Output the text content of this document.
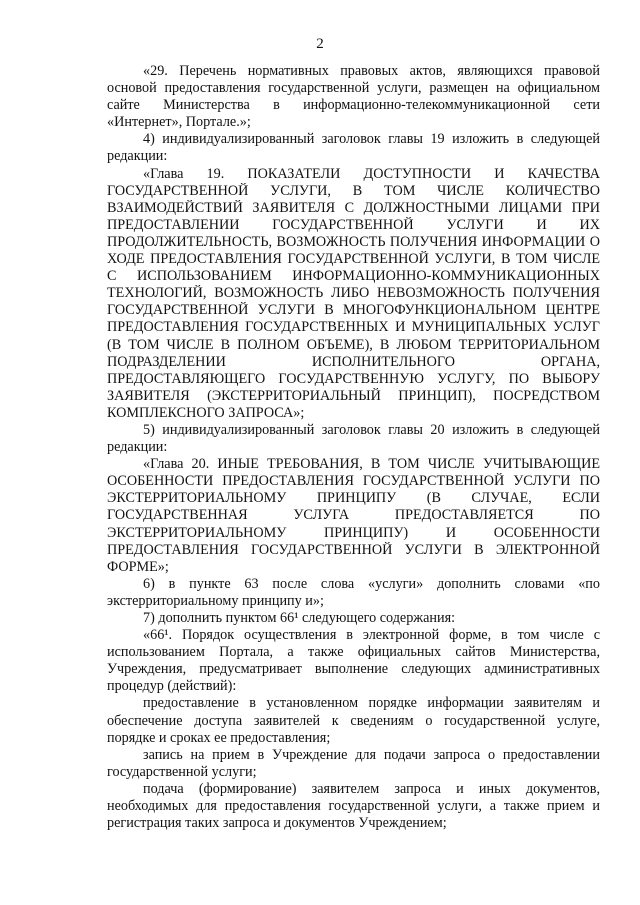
2
«29. Перечень нормативных правовых актов, являющихся правовой
основой предоставления государственной услуги, размещен на официальном
сайте Министерства в информационно-телекоммуникационной сети
«Интернет», Портале.»;
4) индивидуализированный заголовок главы 19 изложить в следующей
редакции:
«Глава 19. ПОКАЗАТЕЛИ ДОСТУПНОСТИ И КАЧЕСТВА
ГОСУДАРСТВЕННОЙ УСЛУГИ, В ТОМ ЧИСЛЕ КОЛИЧЕСТВО
ВЗАИМОДЕЙСТВИЙ ЗАЯВИТЕЛЯ С ДОЛЖНОСТНЫМИ ЛИЦАМИ ПРИ
ПРЕДОСТАВЛЕНИИ ГОСУДАРСТВЕННОЙ УСЛУГИ И ИХ
ПРОДОЛЖИТЕЛЬНОСТЬ, ВОЗМОЖНОСТЬ ПОЛУЧЕНИЯ ИНФОРМАЦИИ О
ХОДЕ ПРЕДОСТАВЛЕНИЯ ГОСУДАРСТВЕННОЙ УСЛУГИ, В ТОМ ЧИСЛЕ
С ИСПОЛЬЗОВАНИЕМ ИНФОРМАЦИОННО-КОММУНИКАЦИОННЫХ
ТЕХНОЛОГИЙ, ВОЗМОЖНОСТЬ ЛИБО НЕВОЗМОЖНОСТЬ ПОЛУЧЕНИЯ
ГОСУДАРСТВЕННОЙ УСЛУГИ В МНОГОФУНКЦИОНАЛЬНОМ ЦЕНТРЕ
ПРЕДОСТАВЛЕНИЯ ГОСУДАРСТВЕННЫХ И МУНИЦИПАЛЬНЫХ УСЛУГ
(В ТОМ ЧИСЛЕ В ПОЛНОМ ОБЪЕМЕ), В ЛЮБОМ ТЕРРИТОРИАЛЬНОМ
ПОДРАЗДЕЛЕНИИ ИСПОЛНИТЕЛЬНОГО ОРГАНА,
ПРЕДОСТАВЛЯЮЩЕГО ГОСУДАРСТВЕННУЮ УСЛУГУ, ПО ВЫБОРУ
ЗАЯВИТЕЛЯ (ЭКСТЕРРИТОРИАЛЬНЫЙ ПРИНЦИП), ПОСРЕДСТВОМ
КОМПЛЕКСНОГО ЗАПРОСА»;
5) индивидуализированный заголовок главы 20 изложить в следующей
редакции:
«Глава 20. ИНЫЕ ТРЕБОВАНИЯ, В ТОМ ЧИСЛЕ УЧИТЫВАЮЩИЕ
ОСОБЕННОСТИ ПРЕДОСТАВЛЕНИЯ ГОСУДАРСТВЕННОЙ УСЛУГИ ПО
ЭКСТЕРРИТОРИАЛЬНОМУ ПРИНЦИПУ (В СЛУЧАЕ, ЕСЛИ
ГОСУДАРСТВЕННАЯ УСЛУГА ПРЕДОСТАВЛЯЕТСЯ ПО
ЭКСТЕРРИТОРИАЛЬНОМУ ПРИНЦИПУ) И ОСОБЕННОСТИ
ПРЕДОСТАВЛЕНИЯ ГОСУДАРСТВЕННОЙ УСЛУГИ В ЭЛЕКТРОННОЙ
ФОРМЕ»;
6) в пункте 63 после слова «услуги» дополнить словами «по
экстерриториальному принципу и»;
7) дополнить пунктом 66¹ следующего содержания:
«66¹. Порядок осуществления в электронной форме, в том числе с
использованием Портала, а также официальных сайтов Министерства,
Учреждения, предусматривает выполнение следующих административных
процедур (действий):
предоставление в установленном порядке информации заявителям и
обеспечение доступа заявителей к сведениям о государственной услуге,
порядке и сроках ее предоставления;
запись на прием в Учреждение для подачи запроса о предоставлении
государственной услуги;
подача (формирование) заявителем запроса и иных документов,
необходимых для предоставления государственной услуги, а также прием и
регистрация таких запроса и документов Учреждением;
